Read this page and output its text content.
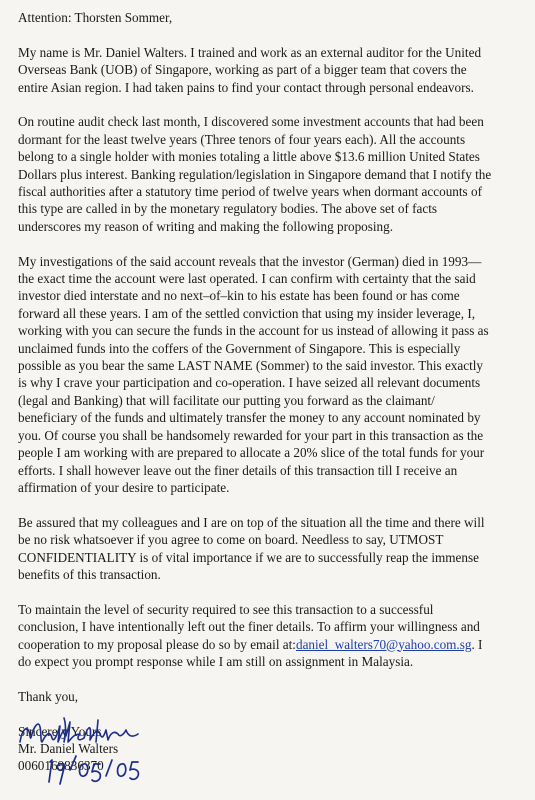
Attention: Thorsten Sommer,

My name is Mr. Daniel Walters. I trained and work as an external auditor for the United

Overseas Bank (UOB) of Singapore, working as part of a bigger team that covers the

entire Asian region. I had taken pains to find your contact through personal endeavors.

On routine audit check last month, I discovered some investment accounts that had been

dormant for the least twelve years (Three tenors of four years each). All the accounts

belong to a single holder with monies totaling a little above $13.6 million United States

Dollars plus interest. Banking regulation/legislation in Singapore demand that I notify the

fiscal authorities after a statutory time period of twelve years when dormant accounts of

this type are called in by the monetary regulatory bodies. The above set of facts

underscores my reason of writing and making the following proposing.

My investigations of the said account reveals that the investor (German) died in 1993—

the exact time the account were last operated. I can confirm with certainty that the said

investor died interstate and no next–of–kin to his estate has been found or has come

forward all these years. I am of the settled conviction that using my insider leverage, I,

working with you can secure the funds in the account for us instead of allowing it pass as

unclaimed funds into the coffers of the Government of Singapore. This is especially

possible as you bear the same LAST NAME (Sommer) to the said investor. This exactly

is why I crave your participation and co-operation. I have seized all relevant documents

(legal and Banking) that will facilitate our putting you forward as the claimant/

beneficiary of the funds and ultimately transfer the money to any account nominated by

you. Of course you shall be handsomely rewarded for your part in this transaction as the

people I am working with are prepared to allocate a 20% slice of the total funds for your

efforts. I shall however leave out the finer details of this transaction till I receive an

affirmation of your desire to participate.

Be assured that my colleagues and I are on top of the situation all the time and there will

be no risk whatsoever if you agree to come on board. Needless to say, UTMOST

CONFIDENTIALITY is of vital importance if we are to successfully reap the immense

benefits of this transaction.

To maintain the level of security required to see this transaction to a successful

conclusion, I have intentionally left out the finer details. To affirm your willingness and

cooperation to my proposal please do so by email at:daniel_walters70@yahoo.com.sg. I

do expect you prompt response while I am still on assignment in Malaysia.

Thank you,

Sincerely Yours

Mr. Daniel Walters

0060169836370
